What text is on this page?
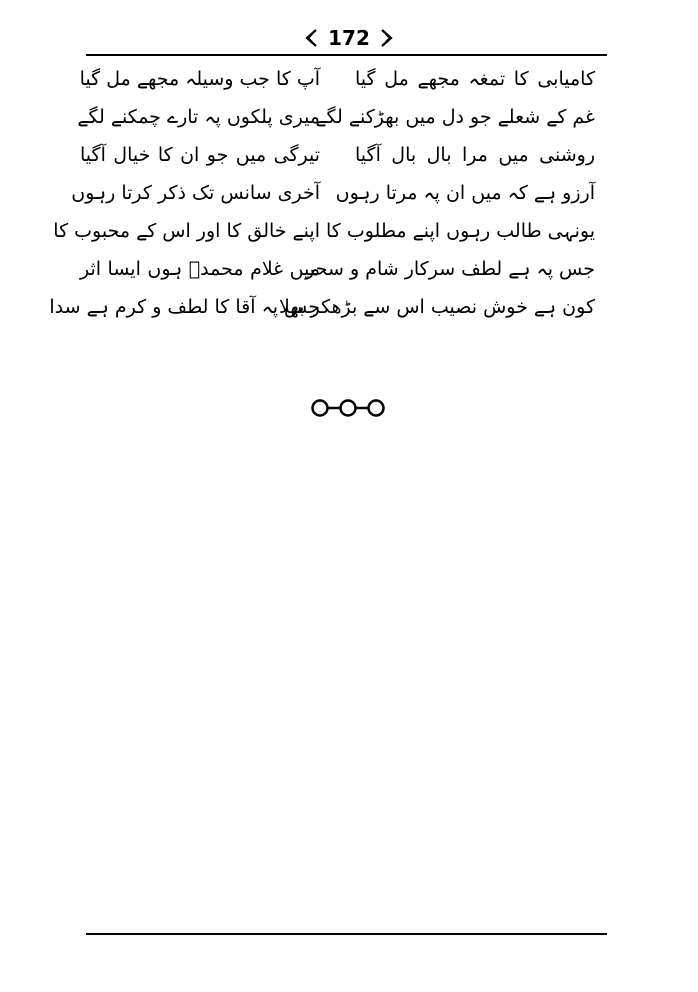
172
کامیابی کا تمغہ مجھے مل گیا
غم کے شعلے جو دل میں بھڑکنے لگے
روشنی میں مرا بال بال آگیا
آرزو ہے کہ میں ان پہ مرتا رہوں
یونہی طالب رہوں اپنے مطلوب کا
جس پہ ہے لطف سرکار شام و سحر
کون ہے خوش نصیب اس سے بڑھکر بھلا
آپ کا جب وسیلہ مجھے مل گیا
میری پلکوں پہ تارے چمکنے لگے
تیرگی میں جو ان کا خیال آگیا
آخری سانس تک ذکر کرتا رہوں
اپنے خالق کا اور اس کے محبوب کا
میں غلام محمدؐ ہوں ایسا اثر
جس پہ آقا کا لطف و کرم ہے سدا
